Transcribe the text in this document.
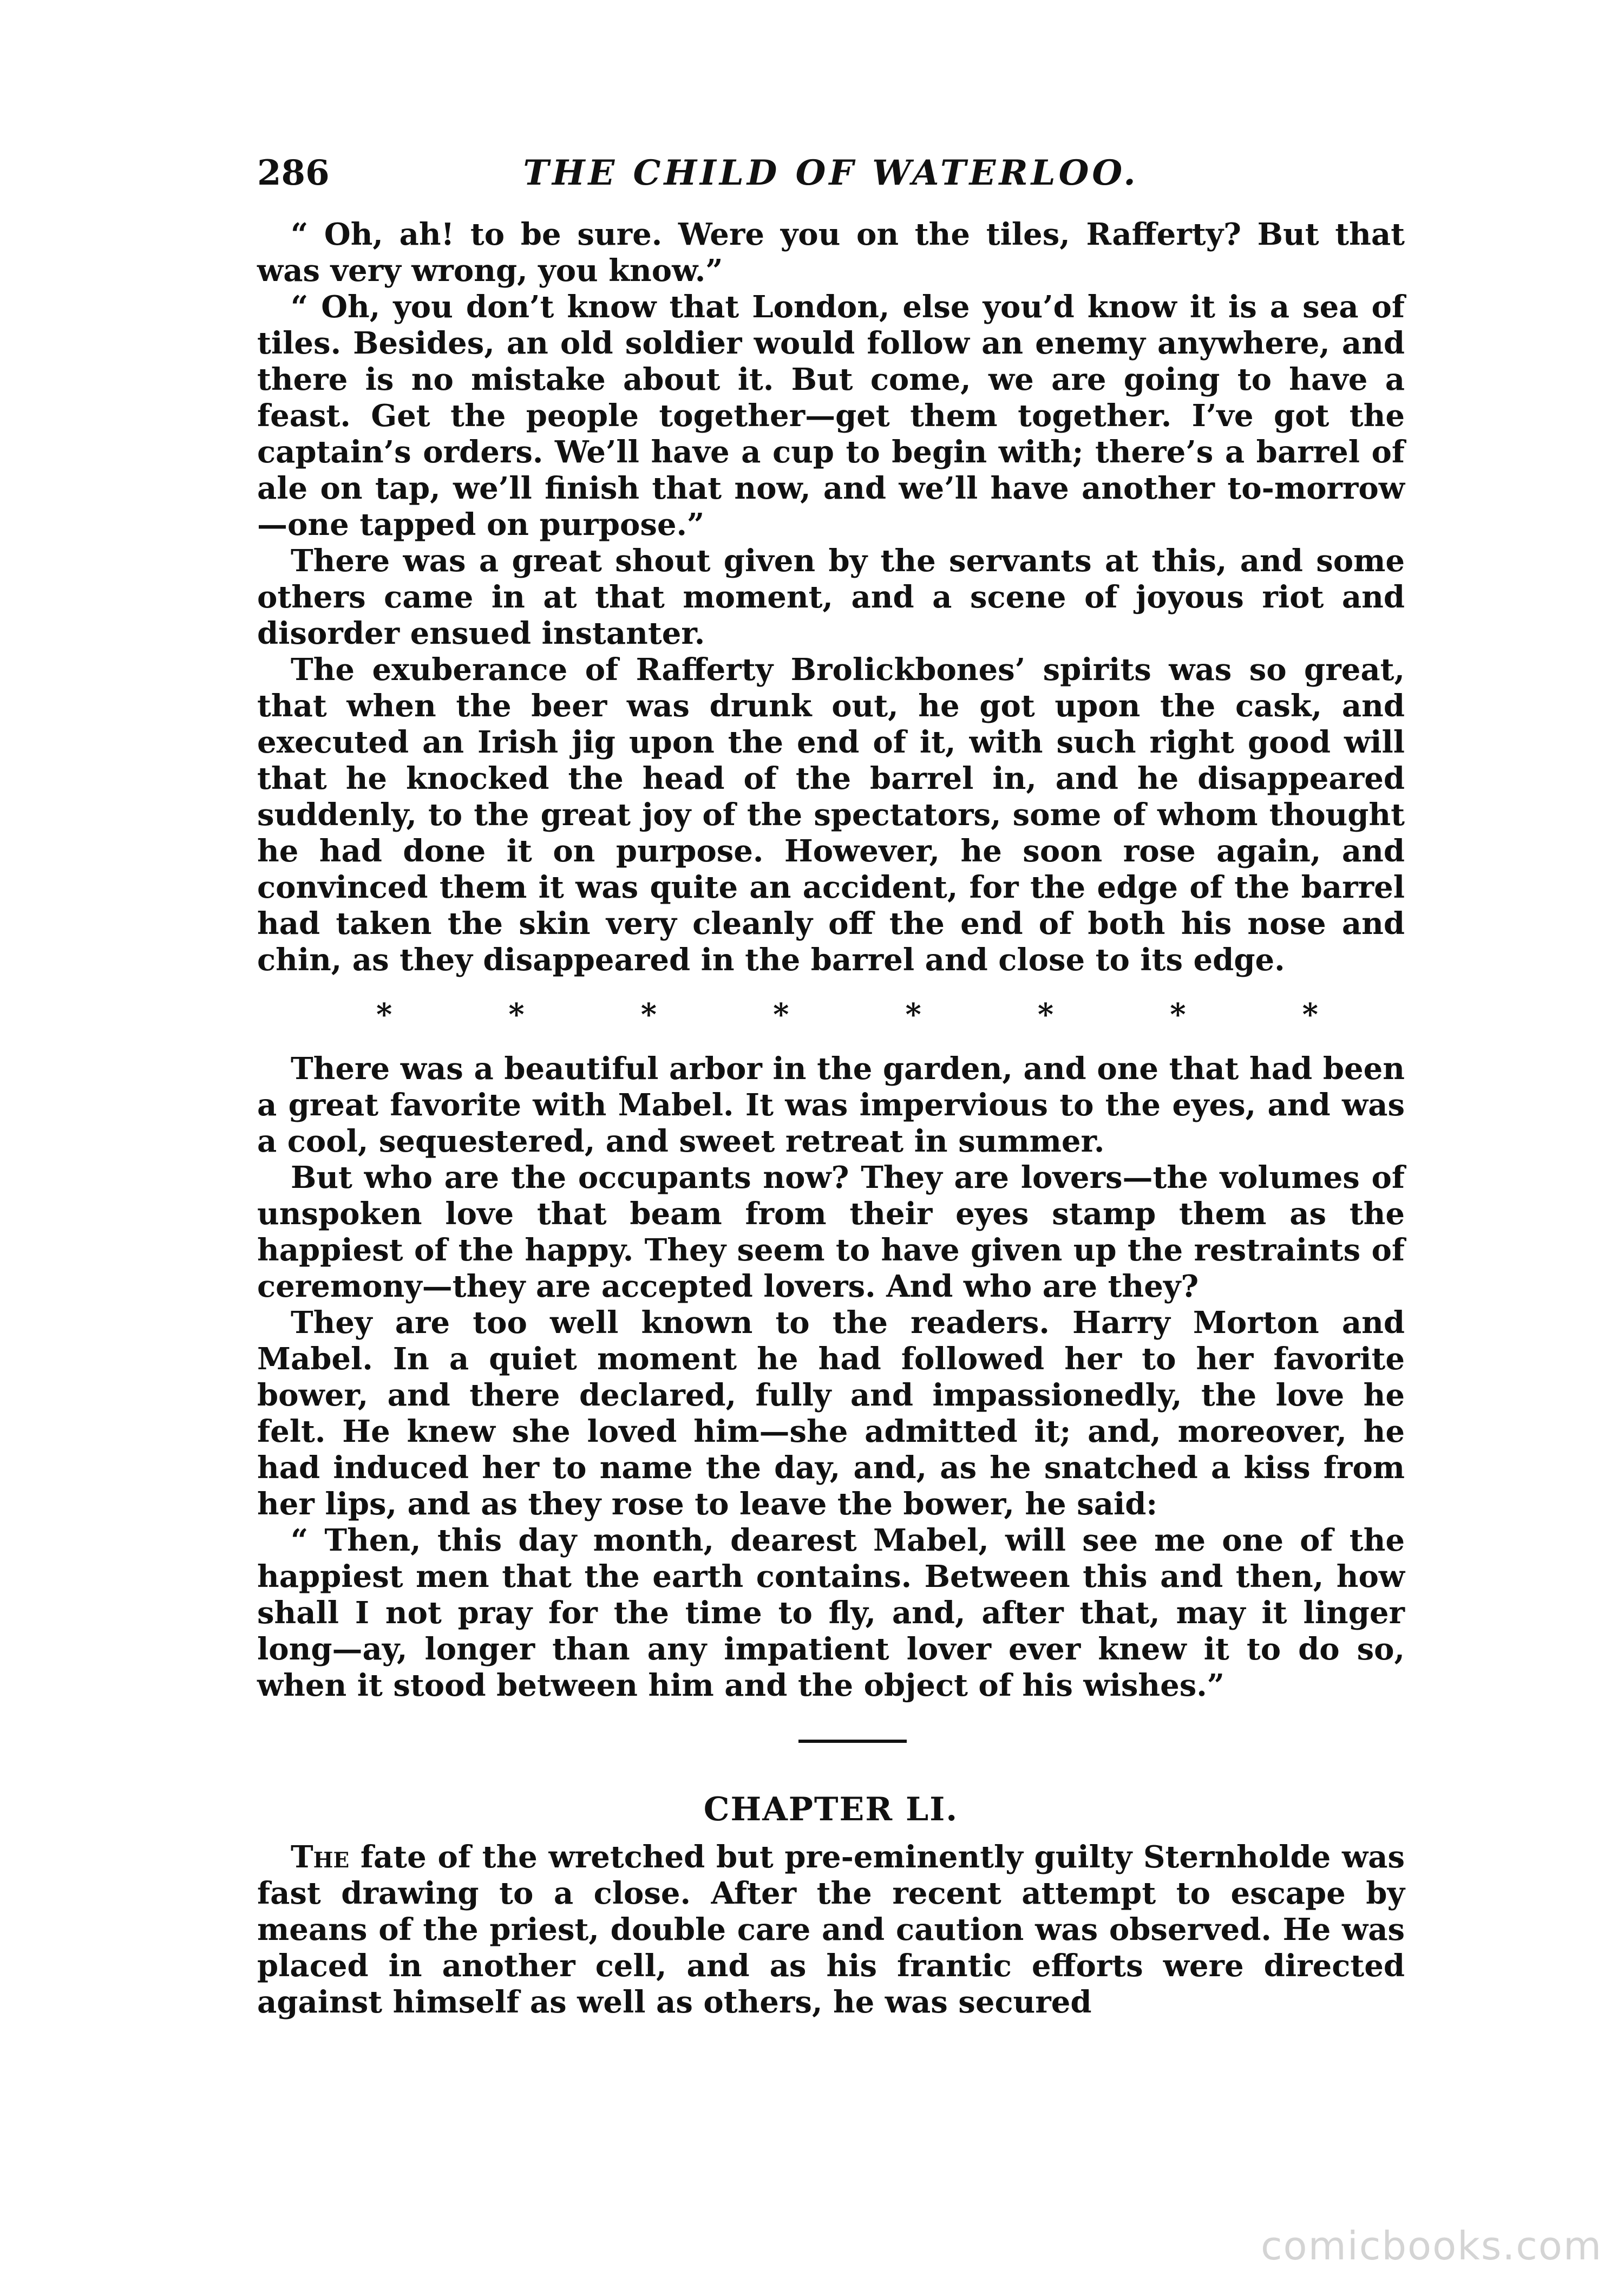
286	THE CHILD OF WATERLOO.

“ Oh, ah! to be sure. Were you on the tiles, Rafferty? But that was very wrong, you know.”

“ Oh, you don’t know that London, else you’d know it is a sea of tiles. Besides, an old soldier would follow an enemy anywhere, and there is no mistake about it. But come, we are going to have a feast. Get the people together—get them together. I’ve got the captain’s orders. We’ll have a cup to begin with; there’s a barrel of ale on tap, we’ll finish that now, and we’ll have another to-morrow—one tapped on purpose.”

There was a great shout given by the servants at this, and some others came in at that moment, and a scene of joyous riot and disorder ensued instanter.

The exuberance of Rafferty Brolickbones’ spirits was so great, that when the beer was drunk out, he got upon the cask, and executed an Irish jig upon the end of it, with such right good will that he knocked the head of the barrel in, and he disappeared suddenly, to the great joy of the spectators, some of whom thought he had done it on purpose. However, he soon rose again, and convinced them it was quite an accident, for the edge of the barrel had taken the skin very cleanly off the end of both his nose and chin, as they disappeared in the barrel and close to its edge.

*	*	*	*	*	*	*	*

There was a beautiful arbor in the garden, and one that had been a great favorite with Mabel. It was impervious to the eyes, and was a cool, sequestered, and sweet retreat in summer.

But who are the occupants now? They are lovers—the volumes of unspoken love that beam from their eyes stamp them as the happiest of the happy. They seem to have given up the restraints of ceremony—they are accepted lovers. And who are they?

They are too well known to the readers. Harry Morton and Mabel. In a quiet moment he had followed her to her favorite bower, and there declared, fully and impassionedly, the love he felt. He knew she loved him—she admitted it; and, moreover, he had induced her to name the day, and, as he snatched a kiss from her lips, and as they rose to leave the bower, he said:

“ Then, this day month, dearest Mabel, will see me one of the happiest men that the earth contains. Between this and then, how shall I not pray for the time to fly, and, after that, may it linger long—ay, longer than any impatient lover ever knew it to do so, when it stood between him and the object of his wishes.”

CHAPTER LI.

The fate of the wretched but pre-eminently guilty Sternholde was fast drawing to a close. After the recent attempt to escape by means of the priest, double care and caution was observed. He was placed in another cell, and as his frantic efforts were directed against himself as well as others, he was secured

comicbooks.com
